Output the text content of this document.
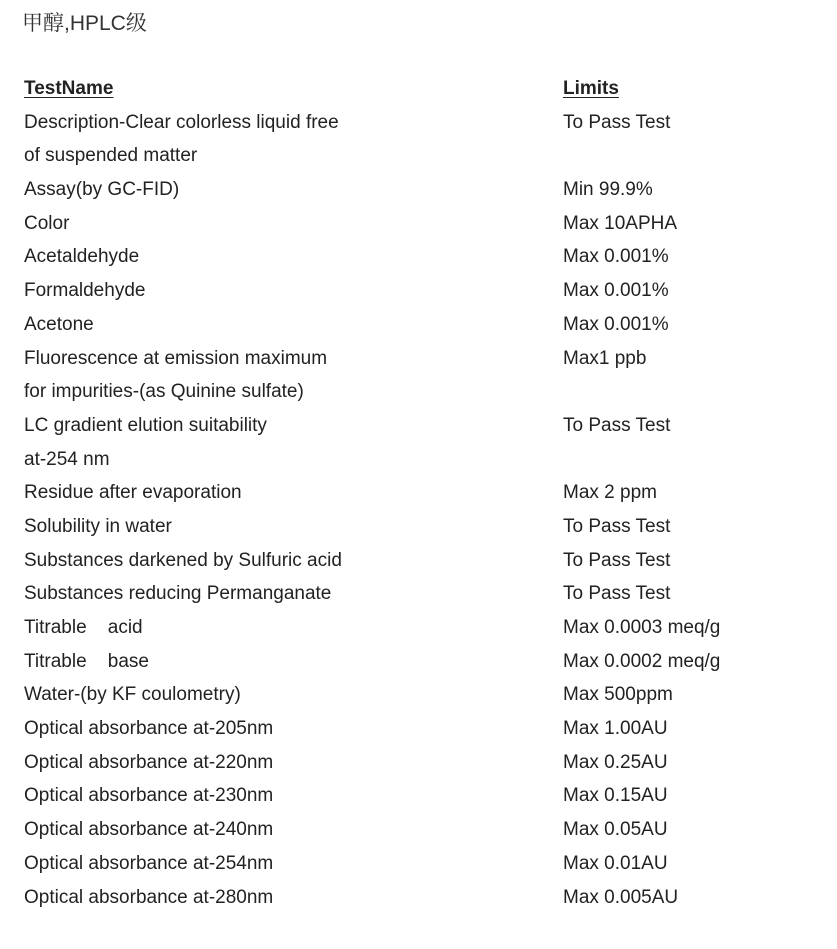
甲醇,HPLC级
TestName	Limits
Description-Clear colorless liquid free	To Pass Test
of suspended matter
Assay(by GC-FID)	Min 99.9%
Color	Max 10APHA
Acetaldehyde	Max 0.001%
Formaldehyde	Max 0.001%
Acetone	Max 0.001%
Fluorescence at emission maximum	Max1 ppb
for impurities-(as Quinine sulfate)
LC gradient elution suitability	To Pass Test
at-254 nm
Residue after evaporation	Max 2 ppm
Solubility in water	To Pass Test
Substances darkened by Sulfuric acid	To Pass Test
Substances reducing Permanganate	To Pass Test
Titrable    acid	Max 0.0003 meq/g
Titrable    base	Max 0.0002 meq/g
Water-(by KF coulometry)	Max 500ppm
Optical absorbance at-205nm	Max 1.00AU
Optical absorbance at-220nm	Max 0.25AU
Optical absorbance at-230nm	Max 0.15AU
Optical absorbance at-240nm	Max 0.05AU
Optical absorbance at-254nm	Max 0.01AU
Optical absorbance at-280nm	Max 0.005AU
